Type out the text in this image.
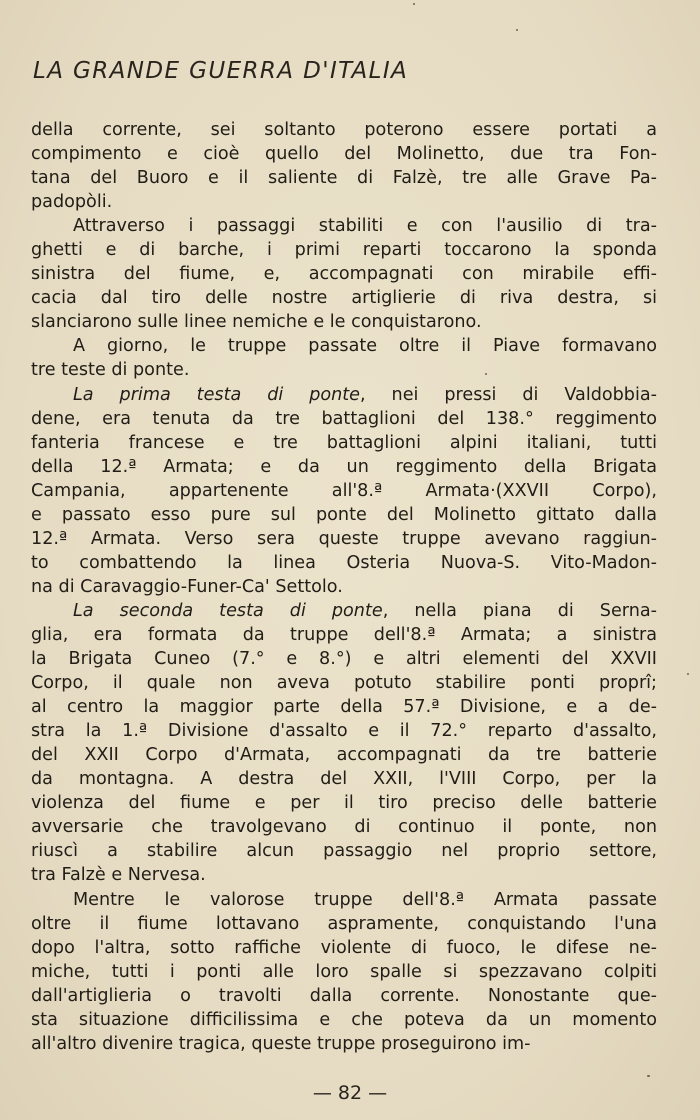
LA GRANDE GUERRA D'ITALIA
della corrente, sei soltanto poterono essere portati a
compimento e cioè quello del Molinetto, due tra Fon-
tana del Buoro e il saliente di Falzè, tre alle Grave Pa-
padopòli.
Attraverso i passaggi stabiliti e con l'ausilio di tra-
ghetti e di barche, i primi reparti toccarono la sponda
sinistra del fiume, e, accompagnati con mirabile effi-
cacia dal tiro delle nostre artiglierie di riva destra, si
slanciarono sulle linee nemiche e le conquistarono.
A giorno, le truppe passate oltre il Piave formavano
tre teste di ponte.
La prima testa di ponte, nei pressi di Valdobbia-
dene, era tenuta da tre battaglioni del 138.° reggimento
fanteria francese e tre battaglioni alpini italiani, tutti
della 12.ª Armata; e da un reggimento della Brigata
Campania, appartenente all'8.ª Armata·(XXVII Corpo),
e passato esso pure sul ponte del Molinetto gittato dalla
12.ª Armata. Verso sera queste truppe avevano raggiun-
to combattendo la linea Osteria Nuova-S. Vito-Madon-
na di Caravaggio-Funer-Ca' Settolo.
La seconda testa di ponte, nella piana di Serna-
glia, era formata da truppe dell'8.ª Armata; a sinistra
la Brigata Cuneo (7.° e 8.°) e altri elementi del XXVII
Corpo, il quale non aveva potuto stabilire ponti proprî;
al centro la maggior parte della 57.ª Divisione, e a de-
stra la 1.ª Divisione d'assalto e il 72.° reparto d'assalto,
del XXII Corpo d'Armata, accompagnati da tre batterie
da montagna. A destra del XXII, l'VIII Corpo, per la
violenza del fiume e per il tiro preciso delle batterie
avversarie che travolgevano di continuo il ponte, non
riuscì a stabilire alcun passaggio nel proprio settore,
tra Falzè e Nervesa.
Mentre le valorose truppe dell'8.ª Armata passate
oltre il fiume lottavano aspramente, conquistando l'una
dopo l'altra, sotto raffiche violente di fuoco, le difese ne-
miche, tutti i ponti alle loro spalle si spezzavano colpiti
dall'artiglieria o travolti dalla corrente. Nonostante que-
sta situazione difficilissima e che poteva da un momento
all'altro divenire tragica, queste truppe proseguirono im-
— 82 —
